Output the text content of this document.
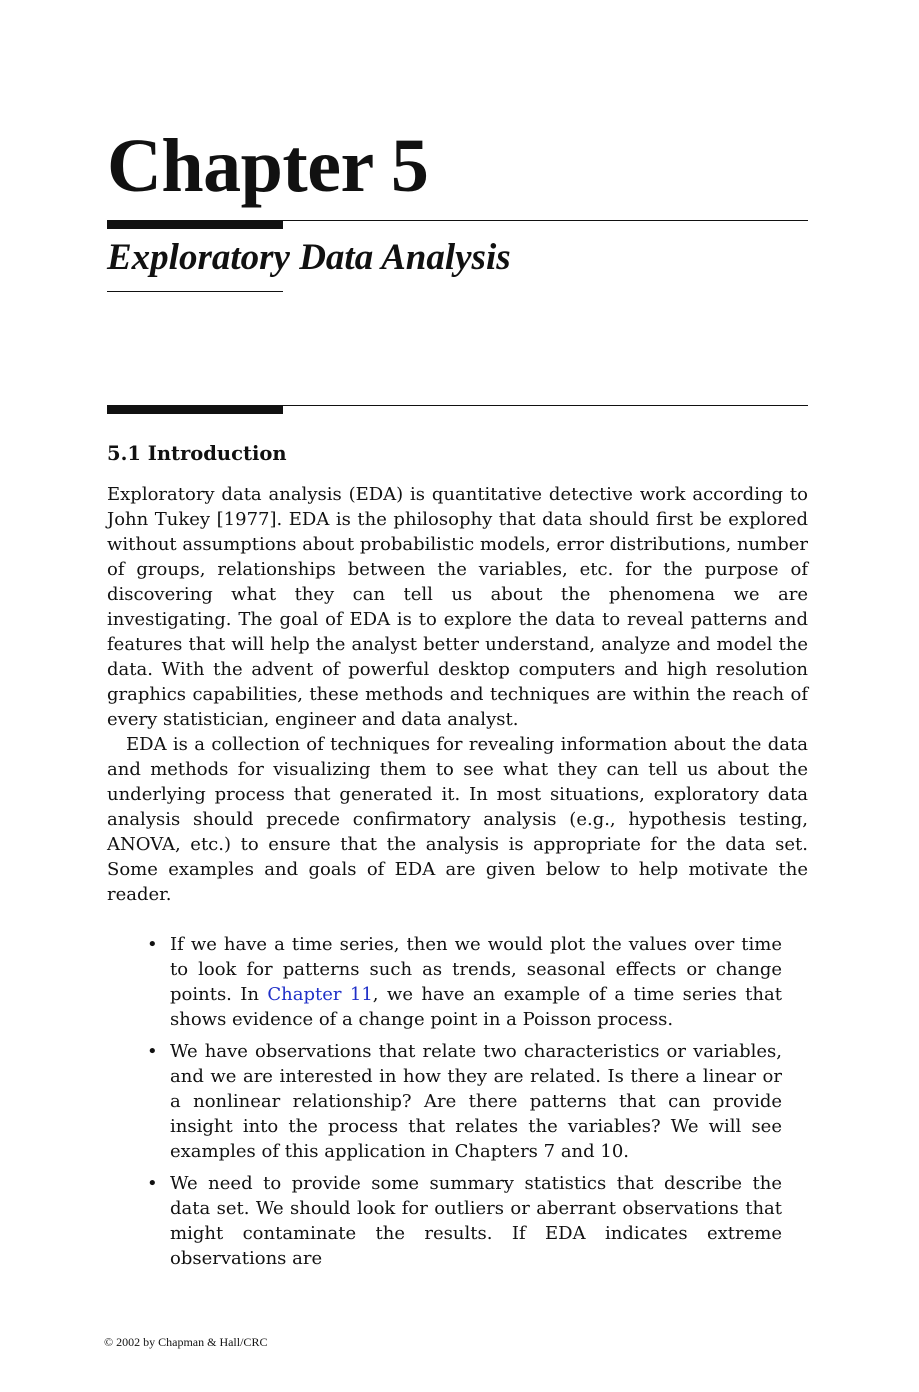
Chapter 5
Exploratory Data Analysis
5.1 Introduction

Exploratory data analysis (EDA) is quantitative detective work according to John Tukey [1977]. EDA is the philosophy that data should first be explored without assumptions about probabilistic models, error distributions, number of groups, relationships between the variables, etc. for the purpose of discovering what they can tell us about the phenomena we are investigating. The goal of EDA is to explore the data to reveal patterns and features that will help the analyst better understand, analyze and model the data. With the advent of powerful desktop computers and high resolution graphics capabilities, these methods and techniques are within the reach of every statistician, engineer and data analyst.

EDA is a collection of techniques for revealing information about the data and methods for visualizing them to see what they can tell us about the underlying process that generated it. In most situations, exploratory data analysis should precede confirmatory analysis (e.g., hypothesis testing, ANOVA, etc.) to ensure that the analysis is appropriate for the data set. Some examples and goals of EDA are given below to help motivate the reader.

• If we have a time series, then we would plot the values over time to look for patterns such as trends, seasonal effects or change points. In Chapter 11, we have an example of a time series that shows evidence of a change point in a Poisson process.
• We have observations that relate two characteristics or variables, and we are interested in how they are related. Is there a linear or a nonlinear relationship? Are there patterns that can provide insight into the process that relates the variables? We will see examples of this application in Chapters 7 and 10.
• We need to provide some summary statistics that describe the data set. We should look for outliers or aberrant observations that might contaminate the results. If EDA indicates extreme observations are
© 2002 by Chapman & Hall/CRC
